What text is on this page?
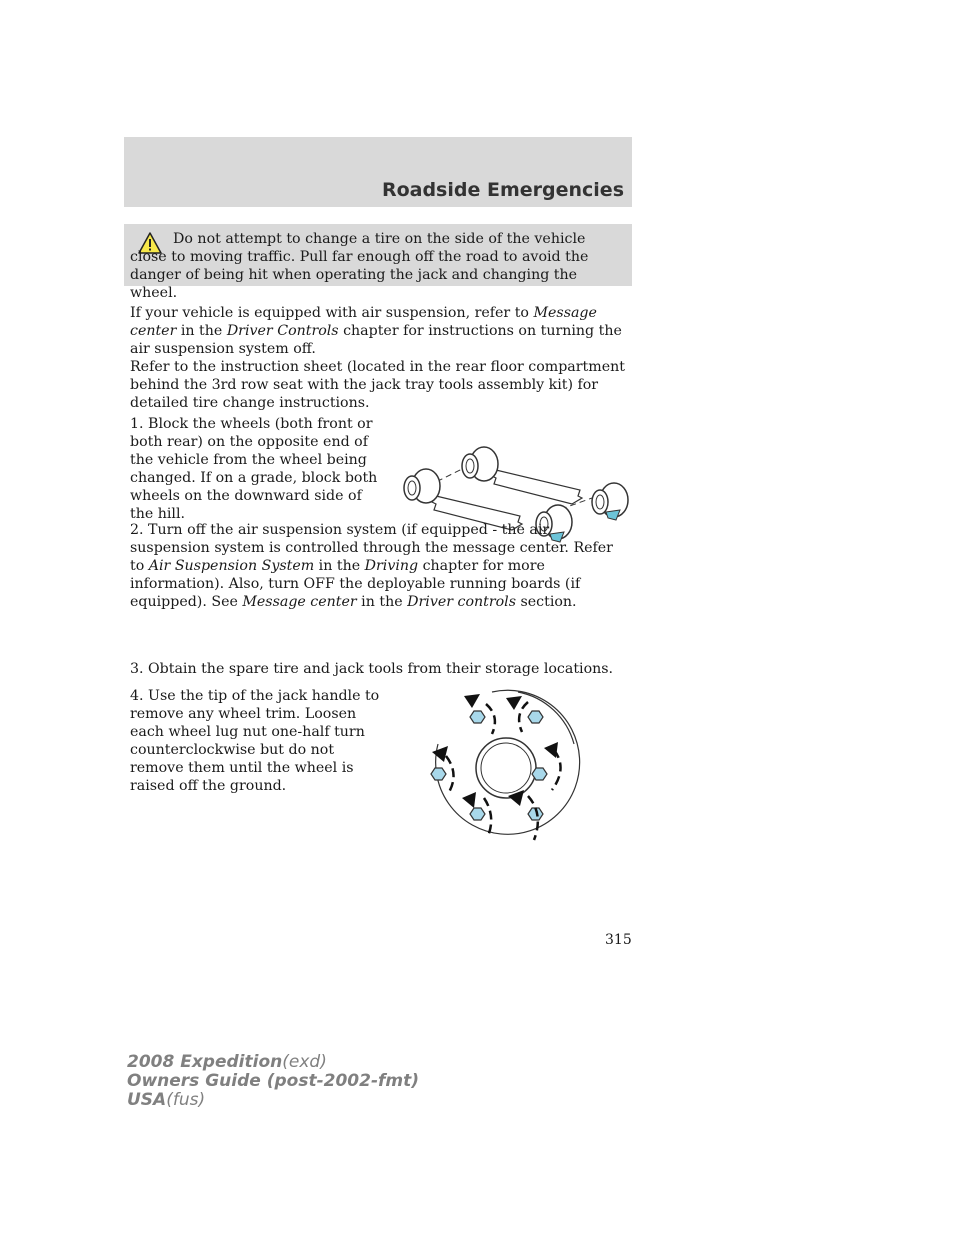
Roadside Emergencies
Do not attempt to change a tire on the side of the vehicle close to moving traffic. Pull far enough off the road to avoid the danger of being hit when operating the jack and changing the wheel.

If your vehicle is equipped with air suspension, refer to Message center in the Driver Controls chapter for instructions on turning the air suspension system off.

Refer to the instruction sheet (located in the rear floor compartment behind the 3rd row seat with the jack tray tools assembly kit) for detailed tire change instructions.

1. Block the wheels (both front or both rear) on the opposite end of the vehicle from the wheel being changed. If on a grade, block both wheels on the downward side of the hill.

2. Turn off the air suspension system (if equipped - the air suspension system is controlled through the message center. Refer to Air Suspension System in the Driving chapter for more information). Also, turn OFF the deployable running boards (if equipped). See Message center in the Driver controls section.

3. Obtain the spare tire and jack tools from their storage locations.

4. Use the tip of the jack handle to remove any wheel trim. Loosen each wheel lug nut one-half turn counterclockwise but do not remove them until the wheel is raised off the ground.

315
2008 Expedition(exd)
Owners Guide (post-2002-fmt)
USA(fus)
